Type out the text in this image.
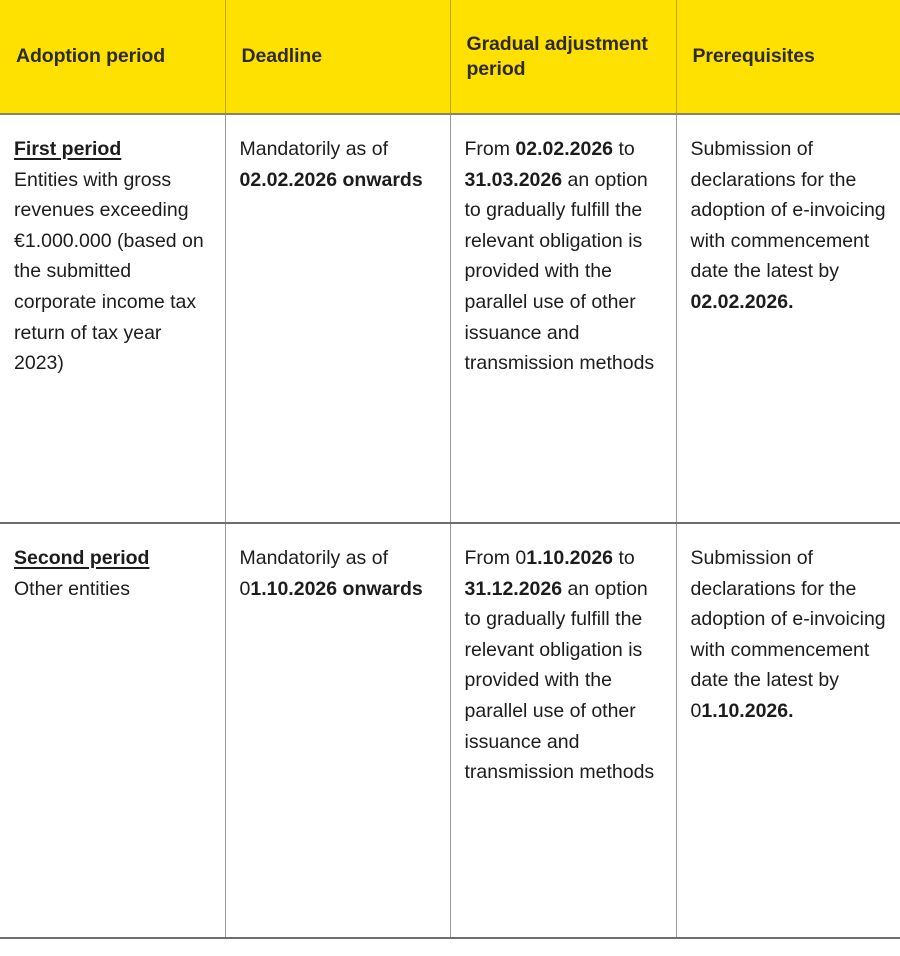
Adoption period	Deadline	Gradual adjustment period	Prerequisites

First period
Entities with gross revenues exceeding €1.000.000 (based on the submitted corporate income tax return of tax year 2023)	Mandatorily as of 02.02.2026 onwards	From 02.02.2026 to 31.03.2026 an option to gradually fulfill the relevant obligation is provided with the parallel use of other issuance and transmission methods	Submission of declarations for the adoption of e-invoicing with commencement date the latest by 02.02.2026.

Second period
Other entities	Mandatorily as of 01.10.2026 onwards	From 01.10.2026 to 31.12.2026 an option to gradually fulfill the relevant obligation is provided with the parallel use of other issuance and transmission methods	Submission of declarations for the adoption of e-invoicing with commencement date the latest by 01.10.2026.
